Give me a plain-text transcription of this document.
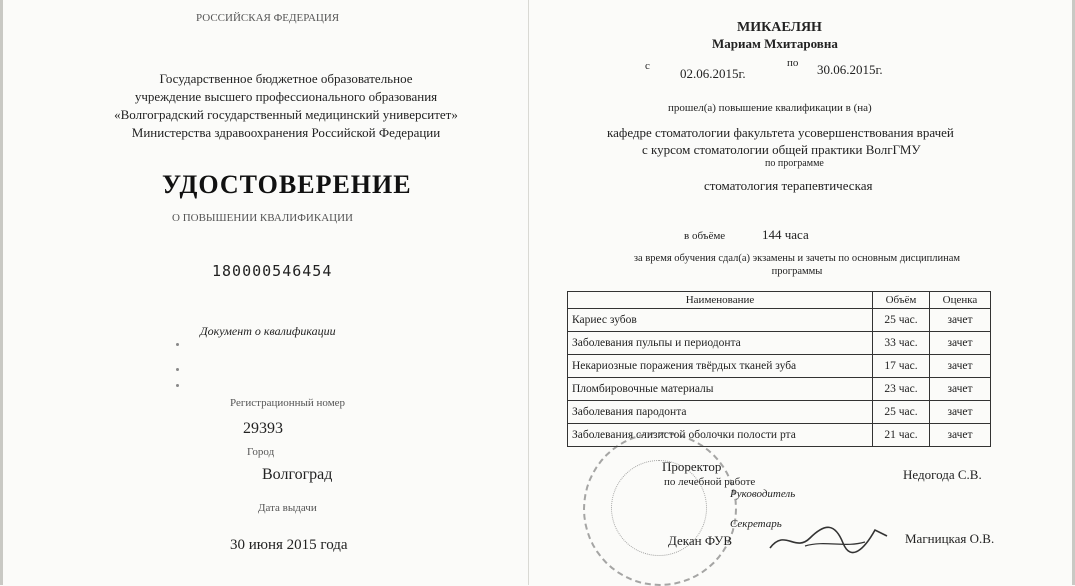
РОССИЙСКАЯ ФЕДЕРАЦИЯ
Государственное бюджетное образовательное
учреждение высшего профессионального образования
«Волгоградский государственный медицинский университет»
Министерства здравоохранения Российской Федерации
УДОСТОВЕРЕНИЕ
О ПОВЫШЕНИИ КВАЛИФИКАЦИИ
180000546454
Документ о квалификации
Регистрационный номер
29393
Город
Волгоград
Дата выдачи
30 июня 2015 года
МИКАЕЛЯН
Мариам Мхитаровна
с 02.06.2015г.
по 30.06.2015г.
прошел(а) повышение квалификации в (на)
кафедре стоматологии факультета усовершенствования врачей
с курсом стоматологии общей практики ВолгГМУ
по программе
стоматология терапевтическая
в объёме	144 часа
за время обучения сдал(а) экзамены и зачеты по основным дисциплинам
программы
Наименование	Объём	Оценка
Кариес зубов	25 час.	зачет
Заболевания пульпы и периодонта	33 час.	зачет
Некариозные поражения твёрдых тканей зуба	17 час.	зачет
Пломбировочные материалы	23 час.	зачет
Заболевания пародонта	25 час.	зачет
Заболевания слизистой оболочки полости рта	21 час.	зачет
Проректор
по лечебной работе
Руководитель
Недогода С.В.
Секретарь
Декан ФУВ	Магницкая О.В.
